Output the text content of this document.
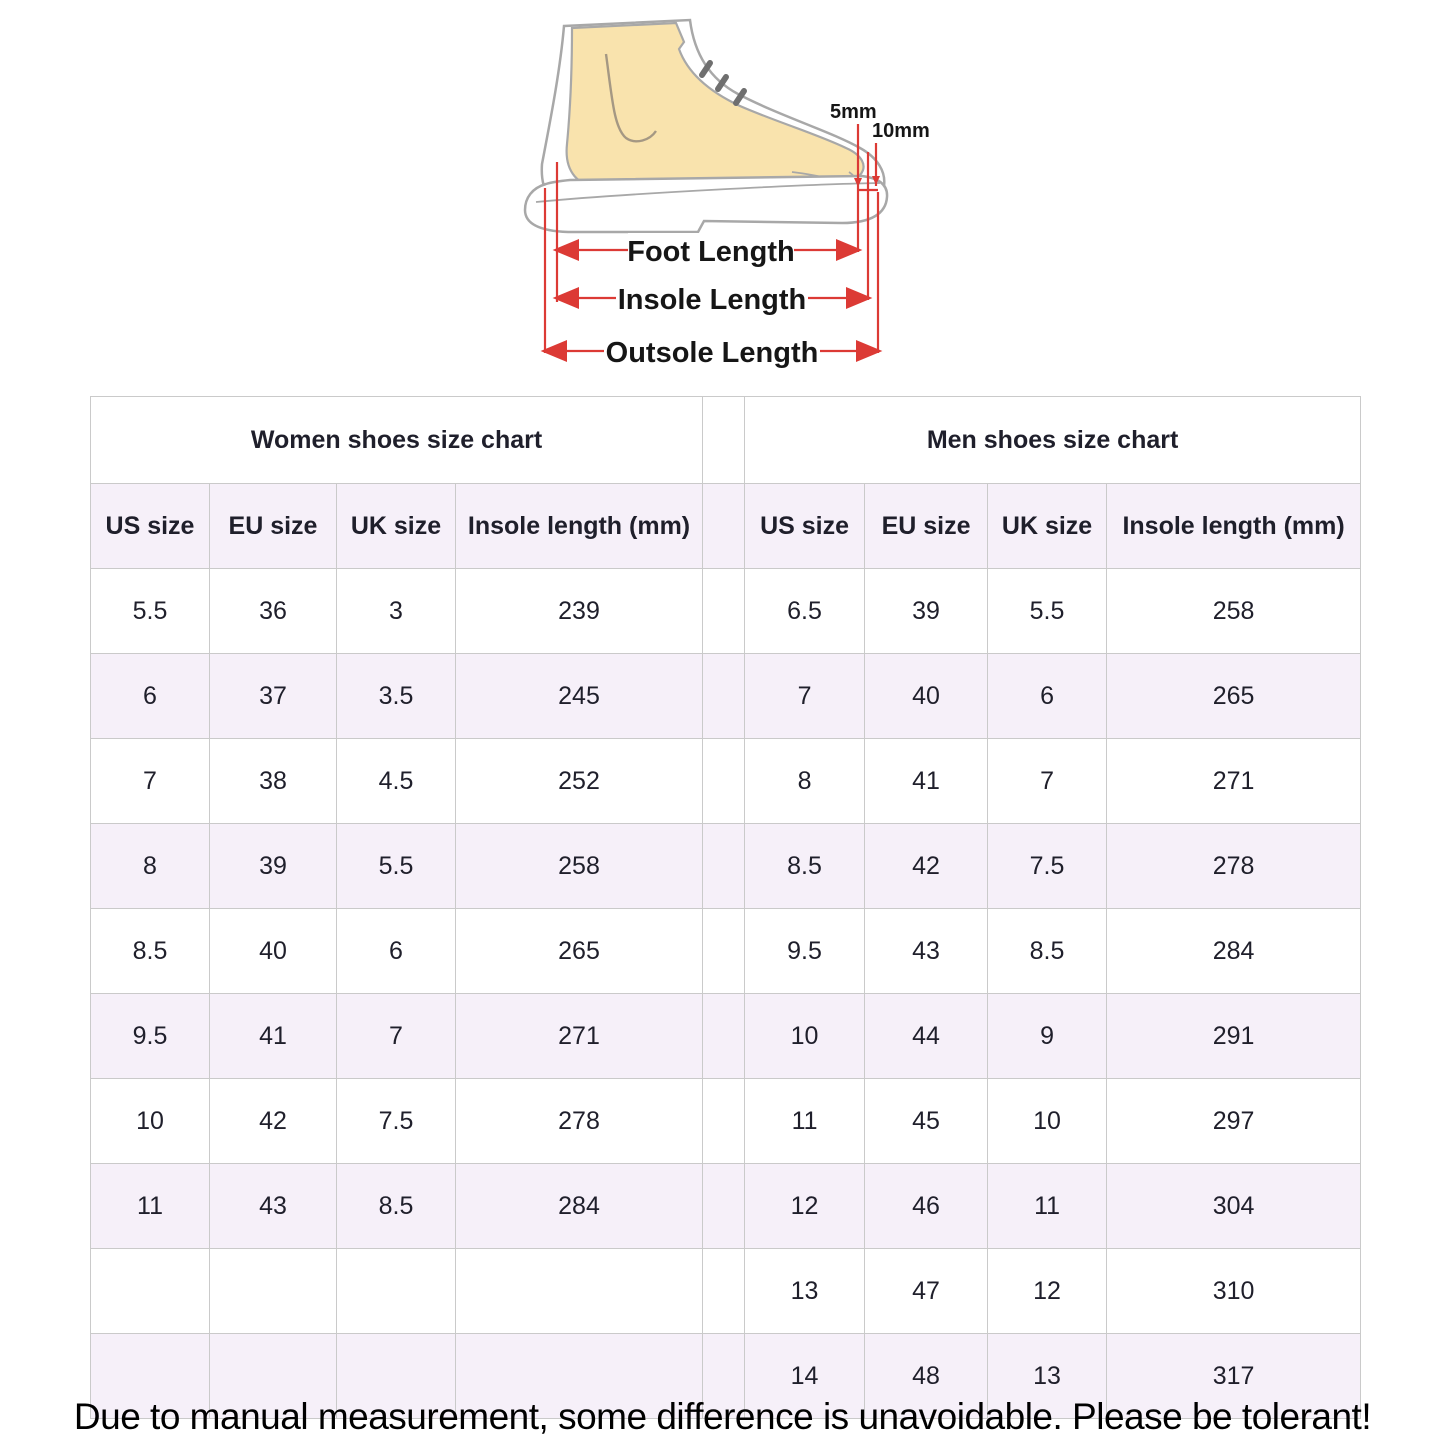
Foot Length
Insole Length
Outsole Length
5mm
10mm
Women shoes size chart					Men shoes size chart			
US size	EU size	UK size	Insole length (mm)		US size	EU size	UK size	Insole length (mm)
5.5	36	3	239		6.5	39	5.5	258
6	37	3.5	245		7	40	6	265
7	38	4.5	252		8	41	7	271
8	39	5.5	258		8.5	42	7.5	278
8.5	40	6	265		9.5	43	8.5	284
9.5	41	7	271		10	44	9	291
10	42	7.5	278		11	45	10	297
11	43	8.5	284		12	46	11	304
					13	47	12	310
					14	48	13	317
Due to manual measurement, some difference is unavoidable. Please be tolerant!
